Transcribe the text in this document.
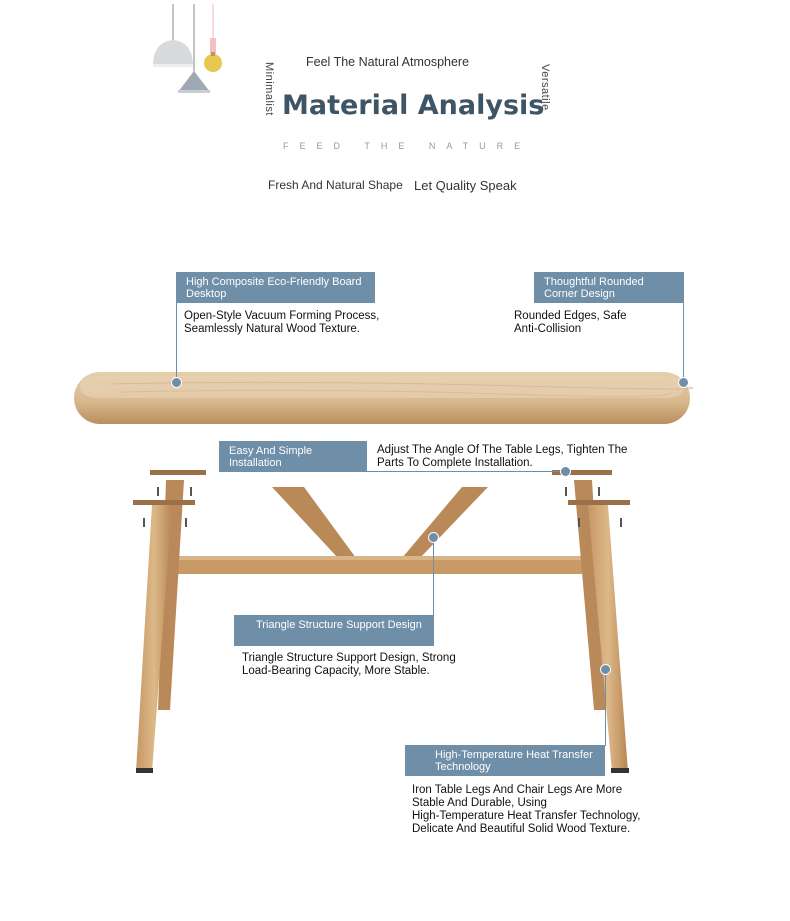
Feel The Natural Atmosphere
Material Analysis
Minimalist	Versatile
FEED THE NATURE
Fresh And Natural Shape Let Quality Speak
High Composite Eco-Friendly Board Desktop
Open-Style Vacuum Forming Process,
Seamlessly Natural Wood Texture.
Thoughtful Rounded Corner Design
Rounded Edges, Safe
Anti-Collision
Easy And Simple Installation
Adjust The Angle Of The Table Legs, Tighten The
Parts To Complete Installation.
Triangle Structure Support Design
Triangle Structure Support Design, Strong
Load-Bearing Capacity, More Stable.
High-Temperature Heat Transfer Technology
Iron Table Legs And Chair Legs Are More
Stable And Durable, Using
High-Temperature Heat Transfer Technology,
Delicate And Beautiful Solid Wood Texture.
